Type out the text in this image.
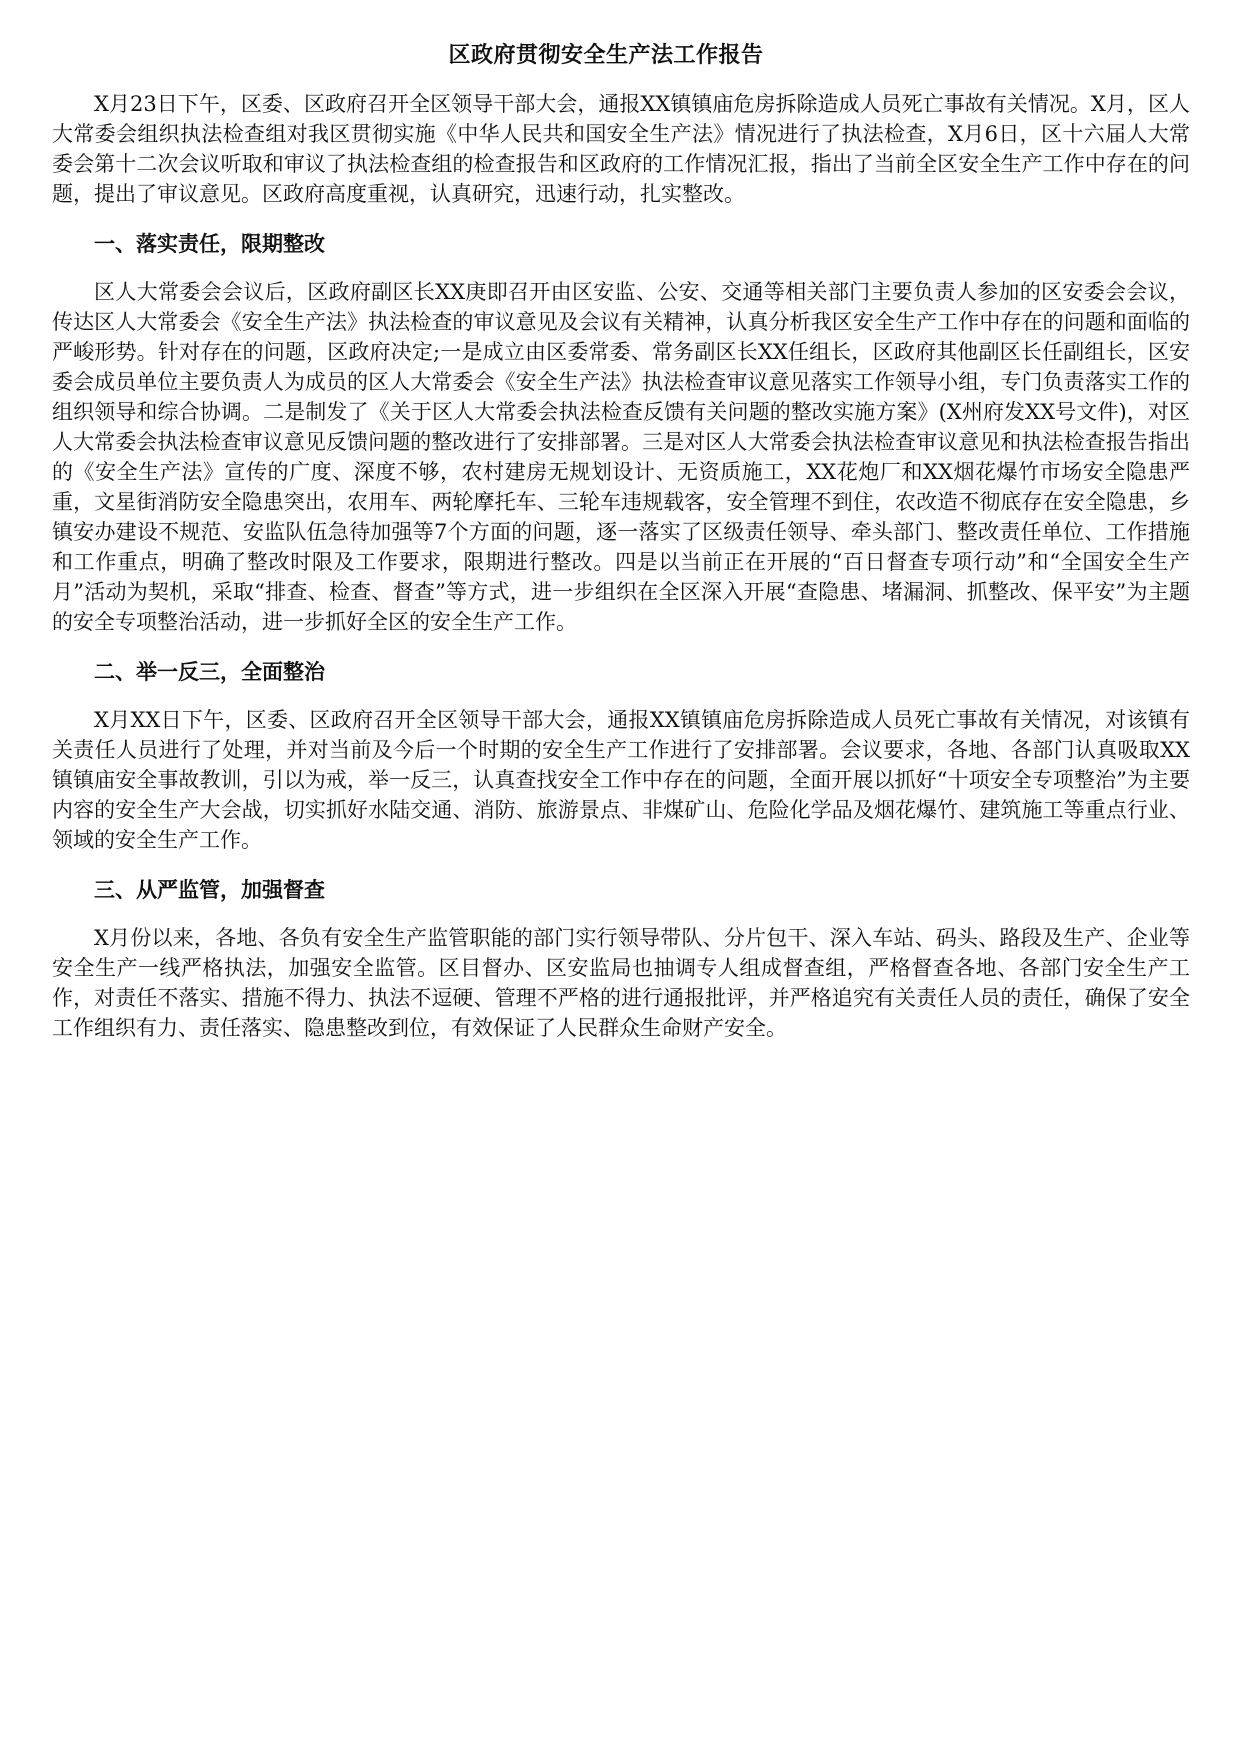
区政府贯彻安全生产法工作报告

X月23日下午，区委、区政府召开全区领导干部大会，通报XX镇镇庙危房拆除造成人员死亡事故有关情况。X月，区人大常委会组织执法检查组对我区贯彻实施《中华人民共和国安全生产法》情况进行了执法检查，X月6日，区十六届人大常委会第十二次会议听取和审议了执法检查组的检查报告和区政府的工作情况汇报，指出了当前全区安全生产工作中存在的问题，提出了审议意见。区政府高度重视，认真研究，迅速行动，扎实整改。

一、落实责任，限期整改

区人大常委会会议后，区政府副区长XX庚即召开由区安监、公安、交通等相关部门主要负责人参加的区安委会会议，传达区人大常委会《安全生产法》执法检查的审议意见及会议有关精神，认真分析我区安全生产工作中存在的问题和面临的严峻形势。针对存在的问题，区政府决定;一是成立由区委常委、常务副区长XX任组长，区政府其他副区长任副组长，区安委会成员单位主要负责人为成员的区人大常委会《安全生产法》执法检查审议意见落实工作领导小组，专门负责落实工作的组织领导和综合协调。二是制发了《关于区人大常委会执法检查反馈有关问题的整改实施方案》(X州府发XX号文件)，对区人大常委会执法检查审议意见反馈问题的整改进行了安排部署。三是对区人大常委会执法检查审议意见和执法检查报告指出的《安全生产法》宣传的广度、深度不够，农村建房无规划设计、无资质施工，XX花炮厂和XX烟花爆竹市场安全隐患严重，文星街消防安全隐患突出，农用车、两轮摩托车、三轮车违规载客，安全管理不到住，农改造不彻底存在安全隐患，乡镇安办建设不规范、安监队伍急待加强等7个方面的问题，逐一落实了区级责任领导、牵头部门、整改责任单位、工作措施和工作重点，明确了整改时限及工作要求，限期进行整改。四是以当前正在开展的“百日督查专项行动”和“全国安全生产月”活动为契机，采取“排查、检查、督查”等方式，进一步组织在全区深入开展“查隐患、堵漏洞、抓整改、保平安”为主题的安全专项整治活动，进一步抓好全区的安全生产工作。

二、举一反三，全面整治

X月XX日下午，区委、区政府召开全区领导干部大会，通报XX镇镇庙危房拆除造成人员死亡事故有关情况，对该镇有关责任人员进行了处理，并对当前及今后一个时期的安全生产工作进行了安排部署。会议要求，各地、各部门认真吸取XX镇镇庙安全事故教训，引以为戒，举一反三，认真查找安全工作中存在的问题，全面开展以抓好“十项安全专项整治”为主要内容的安全生产大会战，切实抓好水陆交通、消防、旅游景点、非煤矿山、危险化学品及烟花爆竹、建筑施工等重点行业、领域的安全生产工作。

三、从严监管，加强督查

X月份以来，各地、各负有安全生产监管职能的部门实行领导带队、分片包干、深入车站、码头、路段及生产、企业等安全生产一线严格执法，加强安全监管。区目督办、区安监局也抽调专人组成督查组，严格督查各地、各部门安全生产工作，对责任不落实、措施不得力、执法不逗硬、管理不严格的进行通报批评，并严格追究有关责任人员的责任，确保了安全工作组织有力、责任落实、隐患整改到位，有效保证了人民群众生命财产安全。
